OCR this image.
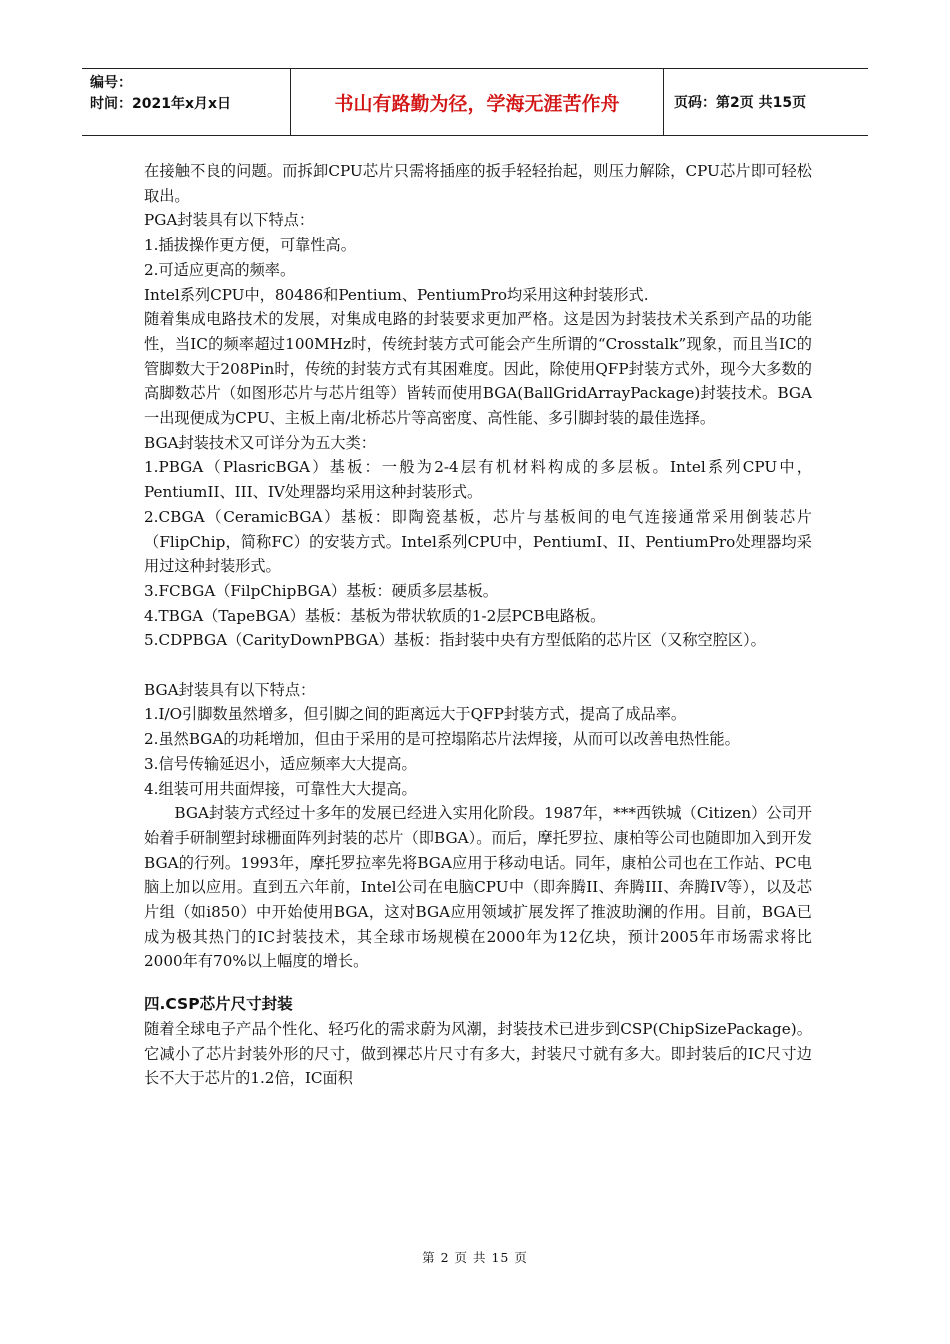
编号：
时间：2021年x月x日	书山有路勤为径，学海无涯苦作舟	页码：第2页 共15页

在接触不良的问题。而拆卸CPU芯片只需将插座的扳手轻轻抬起，则压力解除，CPU芯片即可轻松取出。

PGA封装具有以下特点：

1.插拔操作更方便，可靠性高。

2.可适应更高的频率。

Intel系列CPU中，80486和Pentium、PentiumPro均采用这种封装形式.

随着集成电路技术的发展，对集成电路的封装要求更加严格。这是因为封装技术关系到产品的功能性，当IC的频率超过100MHz时，传统封装方式可能会产生所谓的“Crosstalk”现象，而且当IC的管脚数大于208Pin时，传统的封装方式有其困难度。因此，除使用QFP封装方式外，现今大多数的高脚数芯片（如图形芯片与芯片组等）皆转而使用BGA(BallGridArrayPackage)封装技术。BGA一出现便成为CPU、主板上南/北桥芯片等高密度、高性能、多引脚封装的最佳选择。

BGA封装技术又可详分为五大类：

1.PBGA（PlasricBGA）基板：一般为2-4层有机材料构成的多层板。Intel系列CPU中，PentiumII、III、IV处理器均采用这种封装形式。

2.CBGA（CeramicBGA）基板：即陶瓷基板，芯片与基板间的电气连接通常采用倒装芯片（FlipChip，简称FC）的安装方式。Intel系列CPU中，PentiumI、II、PentiumPro处理器均采用过这种封装形式。

3.FCBGA（FilpChipBGA）基板：硬质多层基板。

4.TBGA（TapeBGA）基板：基板为带状软质的1-2层PCB电路板。

5.CDPBGA（CarityDownPBGA）基板：指封装中央有方型低陷的芯片区（又称空腔区）。

BGA封装具有以下特点：

1.I/O引脚数虽然增多，但引脚之间的距离远大于QFP封装方式，提高了成品率。

2.虽然BGA的功耗增加，但由于采用的是可控塌陷芯片法焊接，从而可以改善电热性能。

3.信号传输延迟小，适应频率大大提高。

4.组装可用共面焊接，可靠性大大提高。

BGA封装方式经过十多年的发展已经进入实用化阶段。1987年，***西铁城（Citizen）公司开始着手研制塑封球栅面阵列封装的芯片（即BGA）。而后，摩托罗拉、康柏等公司也随即加入到开发BGA的行列。1993年，摩托罗拉率先将BGA应用于移动电话。同年，康柏公司也在工作站、PC电脑上加以应用。直到五六年前，Intel公司在电脑CPU中（即奔腾II、奔腾III、奔腾IV等），以及芯片组（如i850）中开始使用BGA，这对BGA应用领域扩展发挥了推波助澜的作用。目前，BGA已成为极其热门的IC封装技术，其全球市场规模在2000年为12亿块，预计2005年市场需求将比2000年有70%以上幅度的增长。

四.CSP芯片尺寸封装

随着全球电子产品个性化、轻巧化的需求蔚为风潮，封装技术已进步到CSP(ChipSizePackage)。它减小了芯片封装外形的尺寸，做到裸芯片尺寸有多大，封装尺寸就有多大。即封装后的IC尺寸边长不大于芯片的1.2倍，IC面积

第 2 页 共 15 页
